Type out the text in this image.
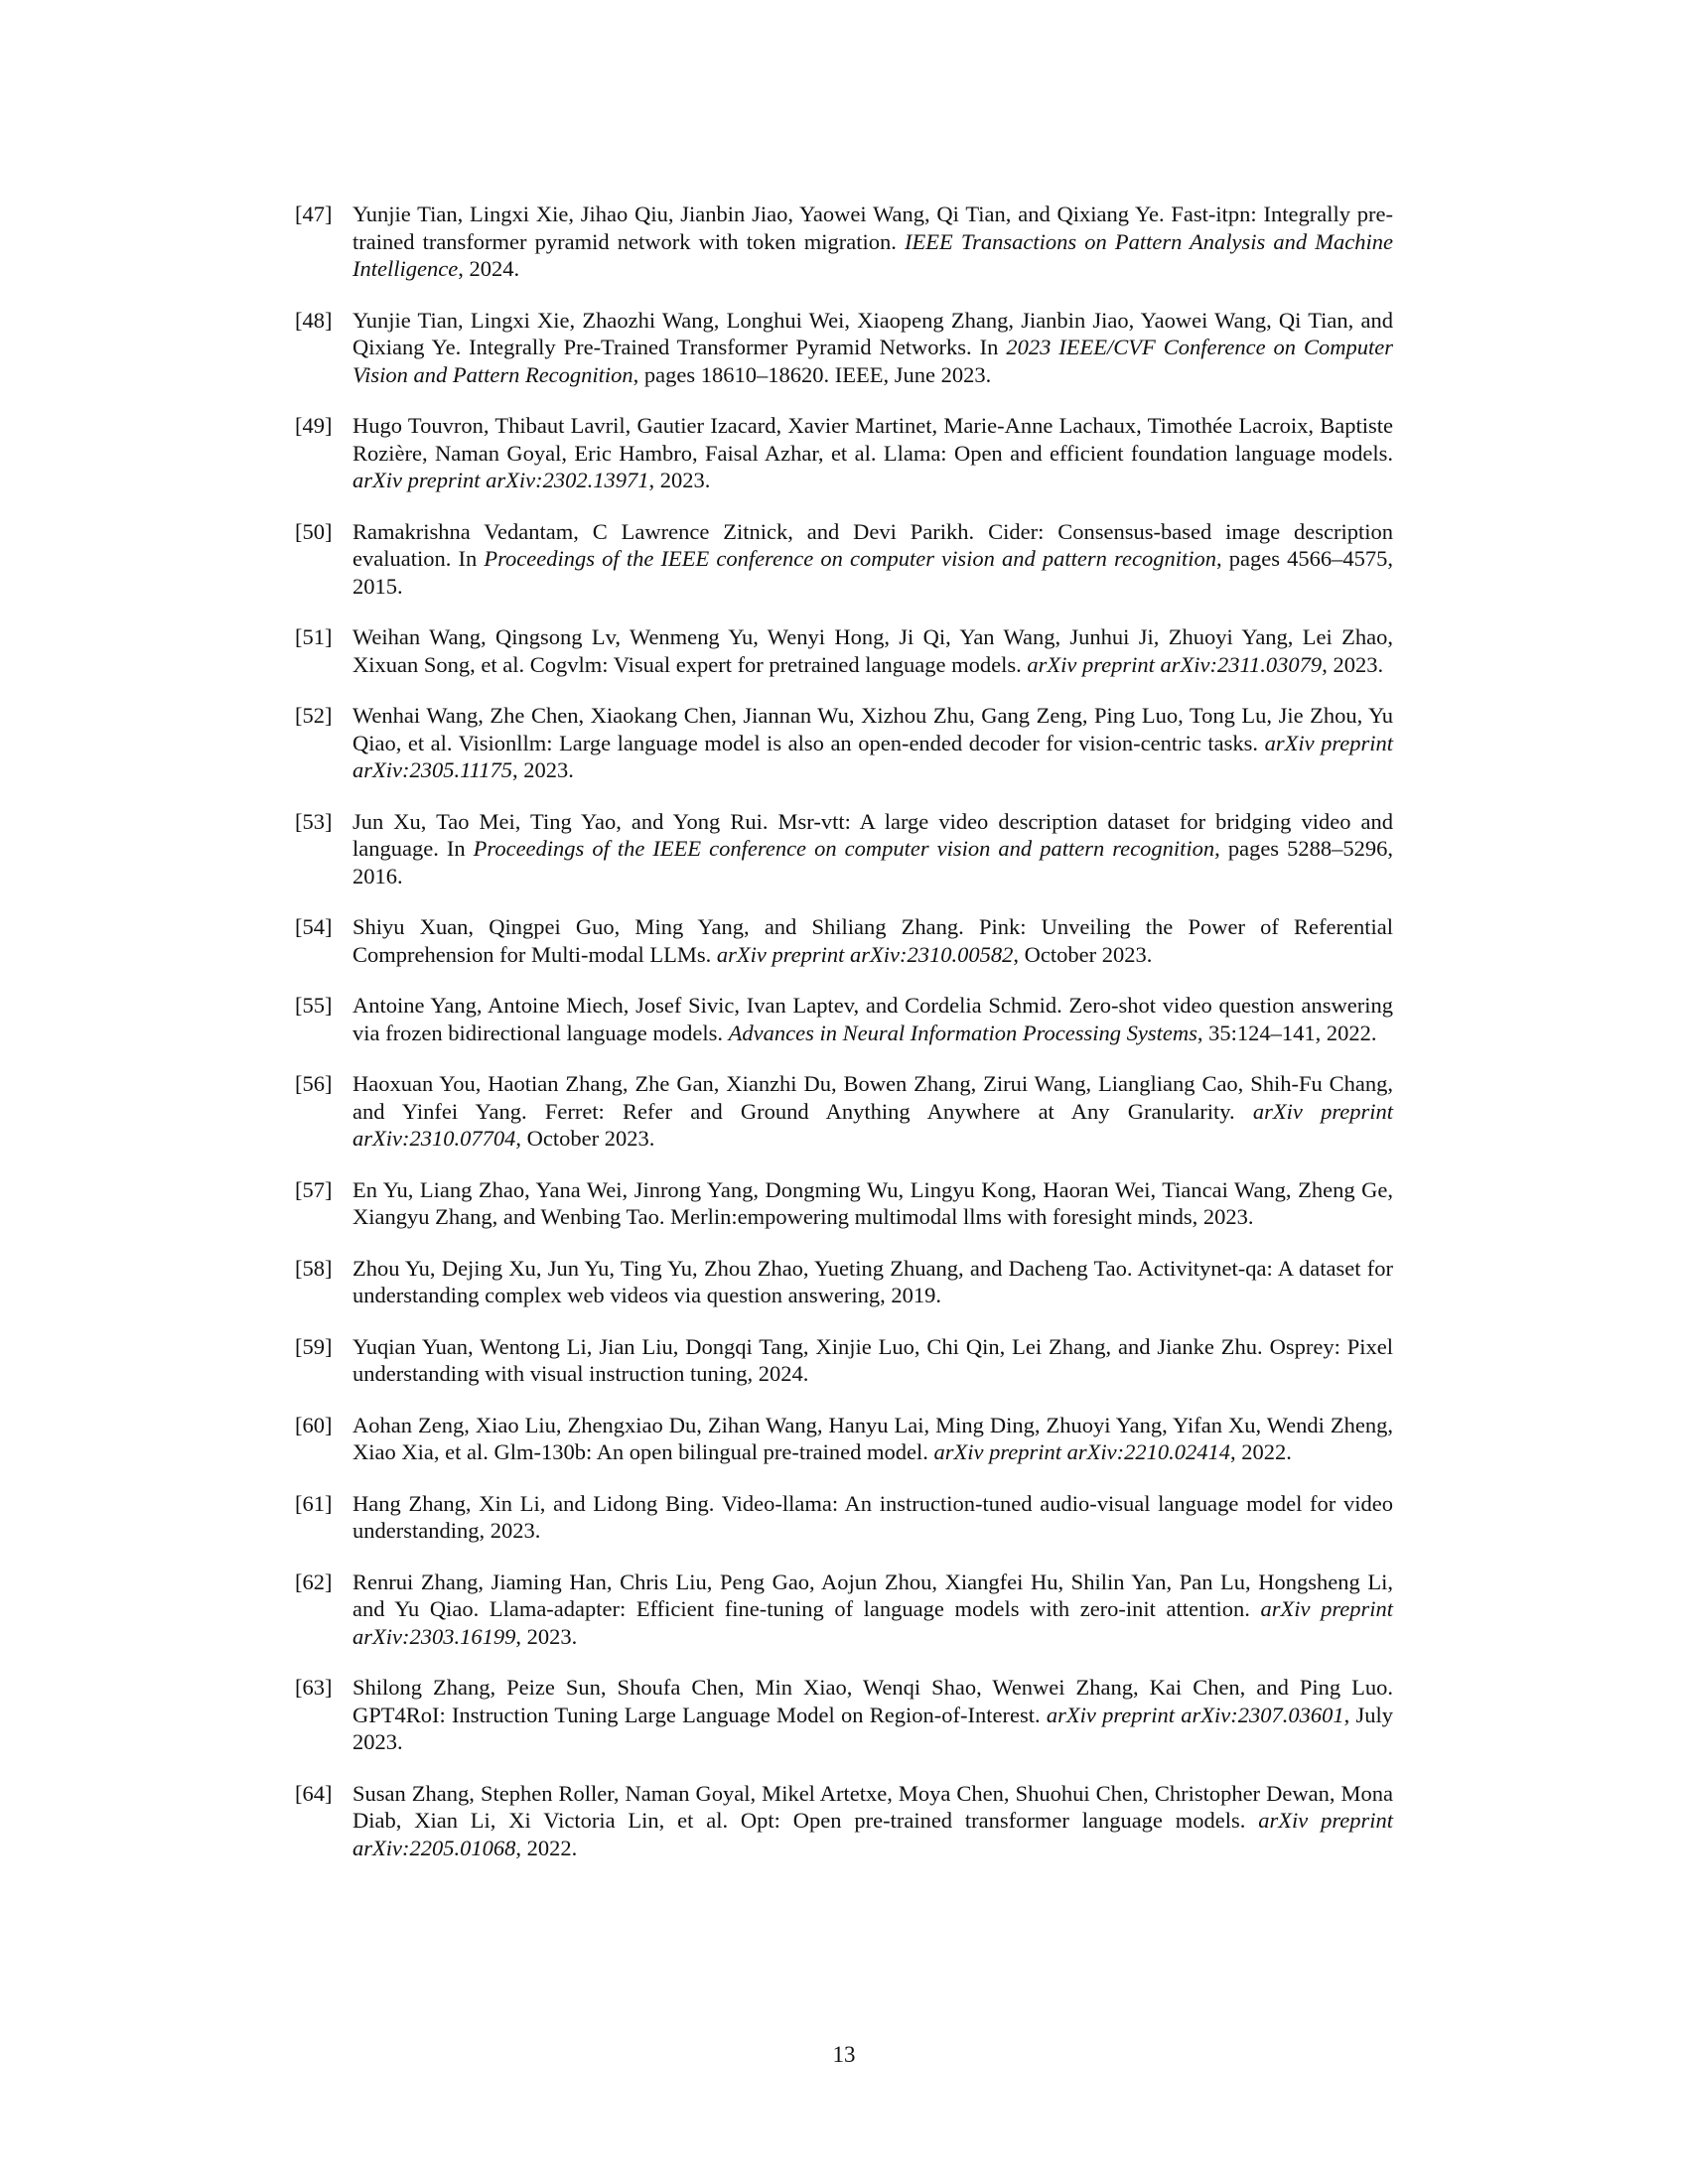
[47] Yunjie Tian, Lingxi Xie, Jihao Qiu, Jianbin Jiao, Yaowei Wang, Qi Tian, and Qixiang Ye. Fast-itpn: Integrally pre-trained transformer pyramid network with token migration. IEEE Transactions on Pattern Analysis and Machine Intelligence, 2024.
[48] Yunjie Tian, Lingxi Xie, Zhaozhi Wang, Longhui Wei, Xiaopeng Zhang, Jianbin Jiao, Yaowei Wang, Qi Tian, and Qixiang Ye. Integrally Pre-Trained Transformer Pyramid Networks. In 2023 IEEE/CVF Conference on Computer Vision and Pattern Recognition, pages 18610–18620. IEEE, June 2023.
[49] Hugo Touvron, Thibaut Lavril, Gautier Izacard, Xavier Martinet, Marie-Anne Lachaux, Timothée Lacroix, Baptiste Rozière, Naman Goyal, Eric Hambro, Faisal Azhar, et al. Llama: Open and efficient foundation language models. arXiv preprint arXiv:2302.13971, 2023.
[50] Ramakrishna Vedantam, C Lawrence Zitnick, and Devi Parikh. Cider: Consensus-based image description evaluation. In Proceedings of the IEEE conference on computer vision and pattern recognition, pages 4566–4575, 2015.
[51] Weihan Wang, Qingsong Lv, Wenmeng Yu, Wenyi Hong, Ji Qi, Yan Wang, Junhui Ji, Zhuoyi Yang, Lei Zhao, Xixuan Song, et al. Cogvlm: Visual expert for pretrained language models. arXiv preprint arXiv:2311.03079, 2023.
[52] Wenhai Wang, Zhe Chen, Xiaokang Chen, Jiannan Wu, Xizhou Zhu, Gang Zeng, Ping Luo, Tong Lu, Jie Zhou, Yu Qiao, et al. Visionllm: Large language model is also an open-ended decoder for vision-centric tasks. arXiv preprint arXiv:2305.11175, 2023.
[53] Jun Xu, Tao Mei, Ting Yao, and Yong Rui. Msr-vtt: A large video description dataset for bridging video and language. In Proceedings of the IEEE conference on computer vision and pattern recognition, pages 5288–5296, 2016.
[54] Shiyu Xuan, Qingpei Guo, Ming Yang, and Shiliang Zhang. Pink: Unveiling the Power of Referential Comprehension for Multi-modal LLMs. arXiv preprint arXiv:2310.00582, October 2023.
[55] Antoine Yang, Antoine Miech, Josef Sivic, Ivan Laptev, and Cordelia Schmid. Zero-shot video question answering via frozen bidirectional language models. Advances in Neural Information Processing Systems, 35:124–141, 2022.
[56] Haoxuan You, Haotian Zhang, Zhe Gan, Xianzhi Du, Bowen Zhang, Zirui Wang, Liangliang Cao, Shih-Fu Chang, and Yinfei Yang. Ferret: Refer and Ground Anything Anywhere at Any Granularity. arXiv preprint arXiv:2310.07704, October 2023.
[57] En Yu, Liang Zhao, Yana Wei, Jinrong Yang, Dongming Wu, Lingyu Kong, Haoran Wei, Tiancai Wang, Zheng Ge, Xiangyu Zhang, and Wenbing Tao. Merlin:empowering multimodal llms with foresight minds, 2023.
[58] Zhou Yu, Dejing Xu, Jun Yu, Ting Yu, Zhou Zhao, Yueting Zhuang, and Dacheng Tao. Activitynet-qa: A dataset for understanding complex web videos via question answering, 2019.
[59] Yuqian Yuan, Wentong Li, Jian Liu, Dongqi Tang, Xinjie Luo, Chi Qin, Lei Zhang, and Jianke Zhu. Osprey: Pixel understanding with visual instruction tuning, 2024.
[60] Aohan Zeng, Xiao Liu, Zhengxiao Du, Zihan Wang, Hanyu Lai, Ming Ding, Zhuoyi Yang, Yifan Xu, Wendi Zheng, Xiao Xia, et al. Glm-130b: An open bilingual pre-trained model. arXiv preprint arXiv:2210.02414, 2022.
[61] Hang Zhang, Xin Li, and Lidong Bing. Video-llama: An instruction-tuned audio-visual language model for video understanding, 2023.
[62] Renrui Zhang, Jiaming Han, Chris Liu, Peng Gao, Aojun Zhou, Xiangfei Hu, Shilin Yan, Pan Lu, Hongsheng Li, and Yu Qiao. Llama-adapter: Efficient fine-tuning of language models with zero-init attention. arXiv preprint arXiv:2303.16199, 2023.
[63] Shilong Zhang, Peize Sun, Shoufa Chen, Min Xiao, Wenqi Shao, Wenwei Zhang, Kai Chen, and Ping Luo. GPT4RoI: Instruction Tuning Large Language Model on Region-of-Interest. arXiv preprint arXiv:2307.03601, July 2023.
[64] Susan Zhang, Stephen Roller, Naman Goyal, Mikel Artetxe, Moya Chen, Shuohui Chen, Christopher Dewan, Mona Diab, Xian Li, Xi Victoria Lin, et al. Opt: Open pre-trained transformer language models. arXiv preprint arXiv:2205.01068, 2022.
13
